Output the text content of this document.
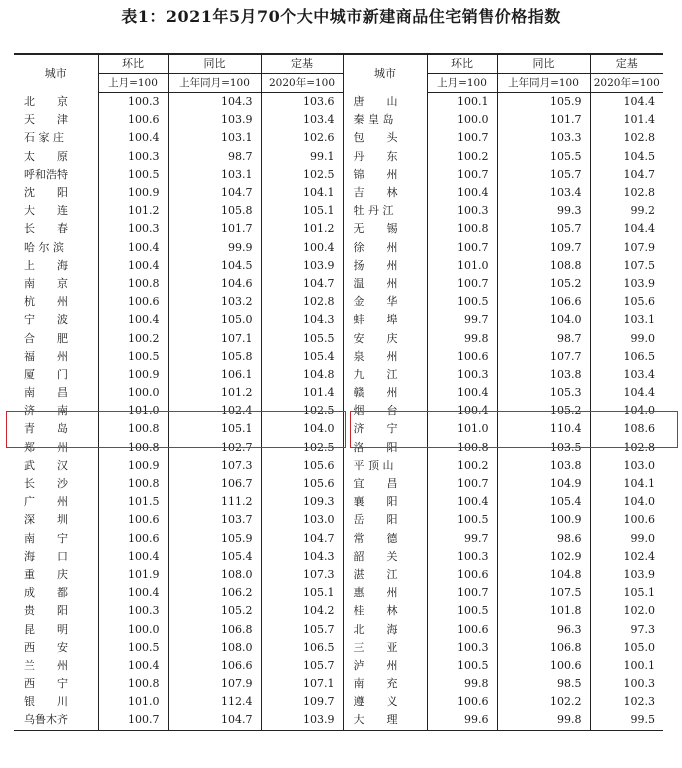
表1：2021年5月70个大中城市新建商品住宅销售价格指数
城市	环比	同比	定基	城市	环比	同比	定基
	上月=100	上年同月=100	2020年=100		上月=100	上年同月=100	2020年=100
北　　京	100.3	104.3	103.6	唐　　山	100.1	105.9	104.4
天　　津	100.6	103.9	103.4	秦 皇 岛	100.0	101.7	101.4
石 家 庄	100.4	103.1	102.6	包　　头	100.7	103.3	102.8
太　　原	100.3	98.7	99.1	丹　　东	100.2	105.5	104.5
呼和浩特	100.5	103.1	102.5	锦　　州	100.7	105.7	104.7
沈　　阳	100.9	104.7	104.1	吉　　林	100.4	103.4	102.8
大　　连	101.2	105.8	105.1	牡 丹 江	100.3	99.3	99.2
长　　春	100.3	101.7	101.2	无　　锡	100.8	105.7	104.4
哈 尔 滨	100.4	99.9	100.4	徐　　州	100.7	109.7	107.9
上　　海	100.4	104.5	103.9	扬　　州	101.0	108.8	107.5
南　　京	100.8	104.6	104.7	温　　州	100.7	105.2	103.9
杭　　州	100.6	103.2	102.8	金　　华	100.5	106.6	105.6
宁　　波	100.4	105.0	104.3	蚌　　埠	99.7	104.0	103.1
合　　肥	100.2	107.1	105.5	安　　庆	99.8	98.7	99.0
福　　州	100.5	105.8	105.4	泉　　州	100.6	107.7	106.5
厦　　门	100.9	106.1	104.8	九　　江	100.3	103.8	103.4
南　　昌	100.0	101.2	101.4	赣　　州	100.4	105.3	104.4
济　　南	101.0	102.4	102.5	烟　　台	100.4	105.2	104.0
青　　岛	100.8	105.1	104.0	济　　宁	101.0	110.4	108.6
郑　　州	100.8	102.7	102.5	洛　　阳	100.8	103.5	102.8
武　　汉	100.9	107.3	105.6	平 顶 山	100.2	103.8	103.0
长　　沙	100.8	106.7	105.6	宜　　昌	100.7	104.9	104.1
广　　州	101.5	111.2	109.3	襄　　阳	100.4	105.4	104.0
深　　圳	100.6	103.7	103.0	岳　　阳	100.5	100.9	100.6
南　　宁	100.6	105.9	104.7	常　　德	99.7	98.6	99.0
海　　口	100.4	105.4	104.3	韶　　关	100.3	102.9	102.4
重　　庆	101.9	108.0	107.3	湛　　江	100.6	104.8	103.9
成　　都	100.4	106.2	105.1	惠　　州	100.7	107.5	105.1
贵　　阳	100.3	105.2	104.2	桂　　林	100.5	101.8	102.0
昆　　明	100.0	106.8	105.7	北　　海	100.6	96.3	97.3
西　　安	100.5	108.0	106.5	三　　亚	100.3	106.8	105.0
兰　　州	100.4	106.6	105.7	泸　　州	100.5	100.6	100.1
西　　宁	100.8	107.9	107.1	南　　充	99.8	98.5	100.3
银　　川	101.0	112.4	109.7	遵　　义	100.6	102.2	102.3
乌鲁木齐	100.7	104.7	103.9	大　　理	99.6	99.8	99.5
